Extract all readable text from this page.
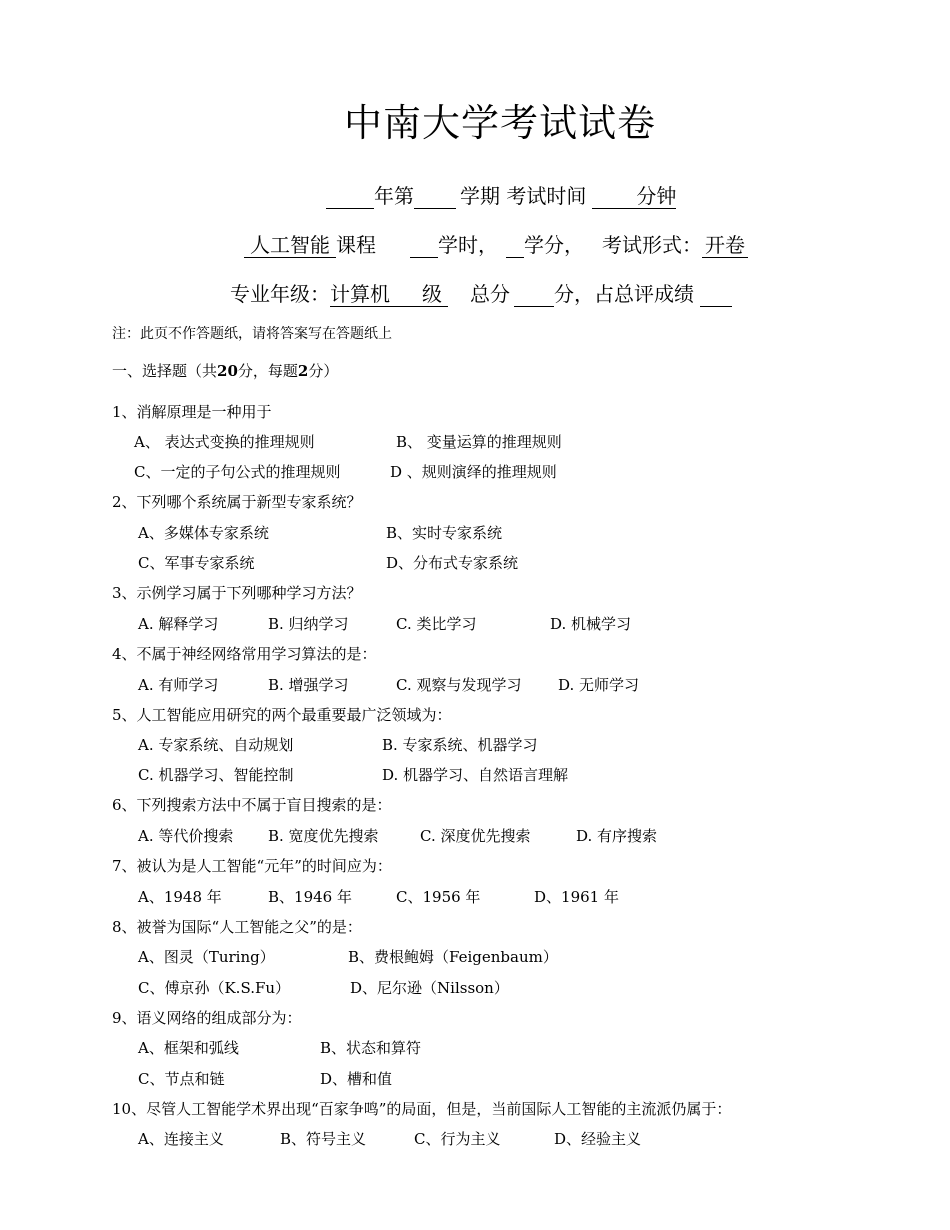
中南大学考试试卷
年第 学期 考试时间	分钟
人工智能 课程	学时， 学分， 考试形式： 开卷
专业年级：计算机 级 总分 分，占总评成绩
注：此页不作答题纸，请将答案写在答题纸上
一、选择题（共20分，每题2分）
1、消解原理是一种用于
A、 表达式变换的推理规则	B、 变量运算的推理规则
C、一定的子句公式的推理规则	D 、规则演绎的推理规则
2、下列哪个系统属于新型专家系统？
A、多媒体专家系统	B、实时专家系统
C、军事专家系统	D、分布式专家系统
3、示例学习属于下列哪种学习方法？
A. 解释学习	B. 归纳学习	C. 类比学习	D. 机械学习
4、不属于神经网络常用学习算法的是：
A. 有师学习	B. 增强学习	C. 观察与发现学习 D. 无师学习
5、人工智能应用研究的两个最重要最广泛领域为：
A. 专家系统、自动规划	B. 专家系统、机器学习
C. 机器学习、智能控制	D. 机器学习、自然语言理解
6、下列搜索方法中不属于盲目搜索的是：
A. 等代价搜索 B. 宽度优先搜索	C. 深度优先搜索	D. 有序搜索
7、被认为是人工智能“元年”的时间应为：
A、1948 年	B、1946 年	C、1956 年	D、1961 年
8、被誉为国际“人工智能之父”的是：
A、图灵（Turing）	B、费根鲍姆（Feigenbaum）
C、傅京孙（K.S.Fu）	D、尼尔逊（Nilsson）
9、语义网络的组成部分为：
A、框架和弧线	B、状态和算符
C、节点和链	D、槽和值
10、尽管人工智能学术界出现“百家争鸣”的局面，但是，当前国际人工智能的主流派仍属于：
A、连接主义	B、符号主义	C、行为主义	D、经验主义
